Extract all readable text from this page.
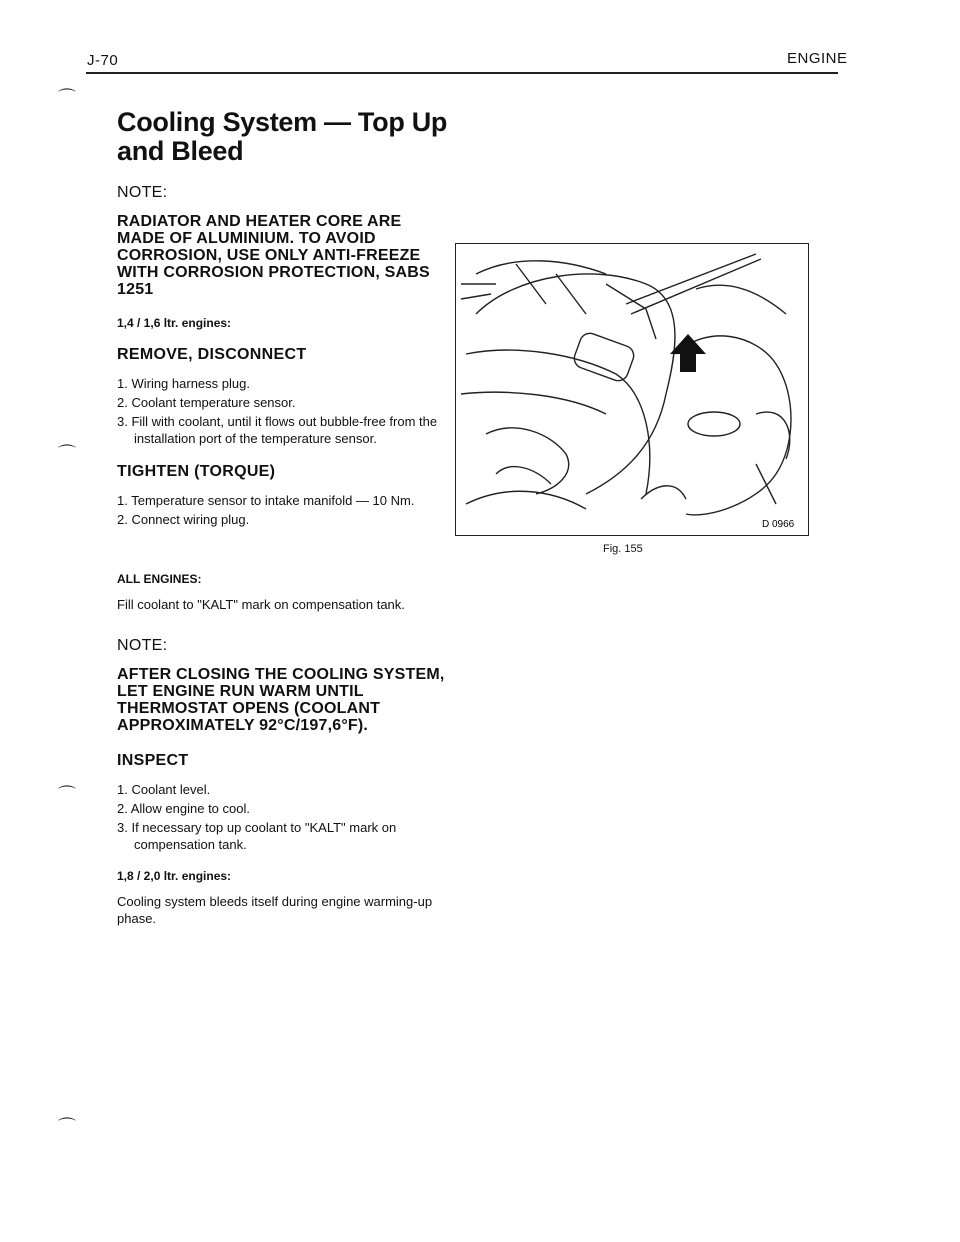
J-70	ENGINE
⌒
⌒
⌒
⌒
Cooling System — Top Up and Bleed
NOTE:
RADIATOR AND HEATER CORE ARE MADE OF ALUMINIUM. TO AVOID CORROSION, USE ONLY ANTI-FREEZE WITH CORROSION PROTECTION, SABS 1251
1,4 / 1,6 ltr. engines:
REMOVE, DISCONNECT
1. Wiring harness plug.
2. Coolant temperature sensor.
3. Fill with coolant, until it flows out bubble-free from the installation port of the temperature sensor.
TIGHTEN (TORQUE)
1. Temperature sensor to intake manifold — 10 Nm.
2. Connect wiring plug.
ALL ENGINES:
Fill coolant to "KALT" mark on compensation tank.
NOTE:
AFTER CLOSING THE COOLING SYSTEM, LET ENGINE RUN WARM UNTIL THERMOSTAT OPENS (COOLANT APPROXIMATELY 92°C/197,6°F).
INSPECT
1. Coolant level.
2. Allow engine to cool.
3. If necessary top up coolant to "KALT" mark on compensation tank.
1,8 / 2,0 ltr. engines:
Cooling system bleeds itself during engine warming-up phase.
D 0966
Fig. 155
